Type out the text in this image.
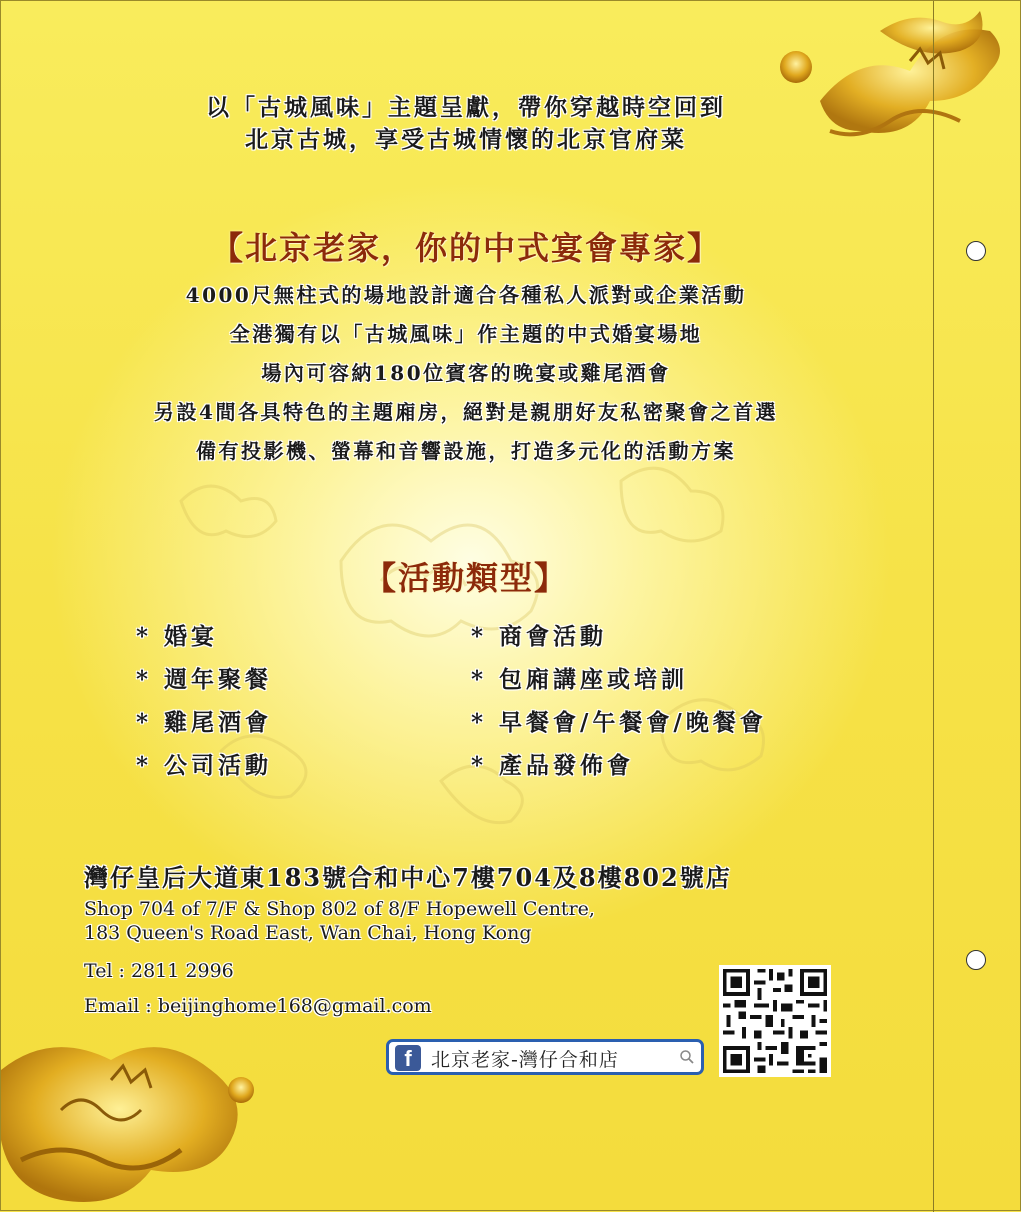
以「古城風味」主題呈獻，帶你穿越時空回到
北京古城，享受古城情懷的北京官府菜
【北京老家，你的中式宴會專家】
4000尺無柱式的場地設計適合各種私人派對或企業活動
全港獨有以「古城風味」作主題的中式婚宴場地
場內可容納180位賓客的晚宴或雞尾酒會
另設4間各具特色的主題廂房，絕對是親朋好友私密聚會之首選
備有投影機、螢幕和音響設施，打造多元化的活動方案
【活動類型】
* 婚宴
* 週年聚餐
* 雞尾酒會
* 公司活動
* 商會活動
* 包廂講座或培訓
* 早餐會/午餐會/晚餐會
* 產品發佈會
灣仔皇后大道東183號合和中心7樓704及8樓802號店
Shop 704 of 7/F & Shop 802 of 8/F Hopewell Centre,
183 Queen's Road East, Wan Chai, Hong Kong
Tel : 2811 2996
Email : beijinghome168@gmail.com
f	北京老家-灣仔合和店
